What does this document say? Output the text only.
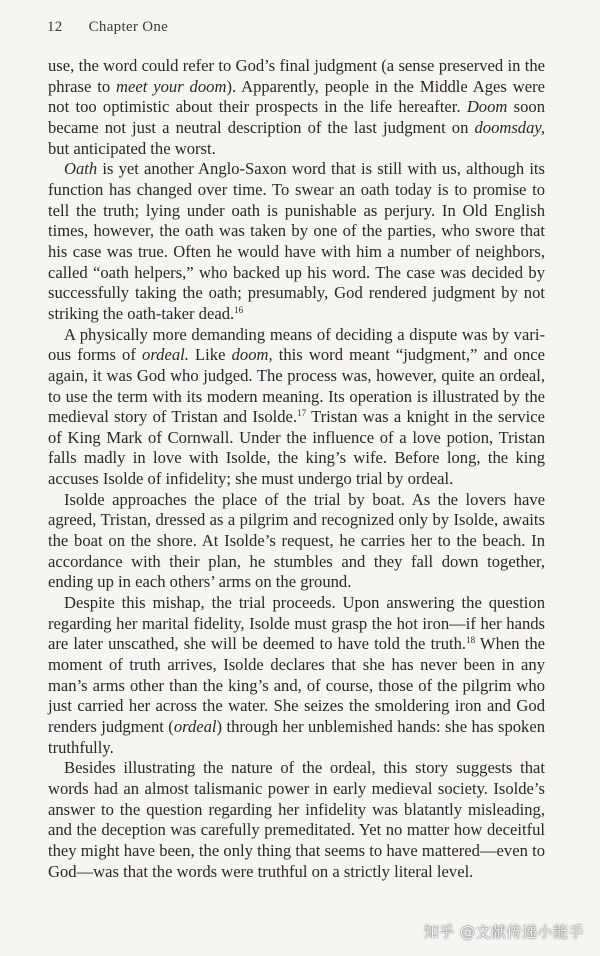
12 Chapter One

use, the word could refer to God’s final judgment (a sense preserved in the phrase to meet your doom). Apparently, people in the Middle Ages were not too optimistic about their prospects in the life hereafter. Doom soon became not just a neutral description of the last judgment on doomsday, but anticipated the worst.

Oath is yet another Anglo-Saxon word that is still with us, although its function has changed over time. To swear an oath today is to promise to tell the truth; lying under oath is punishable as perjury. In Old English times, however, the oath was taken by one of the parties, who swore that his case was true. Often he would have with him a number of neighbors, called “oath helpers,” who backed up his word. The case was decided by successfully taking the oath; presumably, God rendered judgment by not striking the oath-taker dead.$^{16}$

A physically more demanding means of deciding a dispute was by various forms of ordeal. Like doom, this word meant “judgment,” and once again, it was God who judged. The process was, however, quite an ordeal, to use the term with its modern meaning. Its operation is illustrated by the medieval story of Tristan and Isolde.$^{17}$ Tristan was a knight in the service of King Mark of Cornwall. Under the influence of a love potion, Tristan falls madly in love with Isolde, the king’s wife. Before long, the king accuses Isolde of infidelity; she must undergo trial by ordeal.

Isolde approaches the place of the trial by boat. As the lovers have agreed, Tristan, dressed as a pilgrim and recognized only by Isolde, awaits the boat on the shore. At Isolde’s request, he carries her to the beach. In accordance with their plan, he stumbles and they fall down together, ending up in each others’ arms on the ground.

Despite this mishap, the trial proceeds. Upon answering the question regarding her marital fidelity, Isolde must grasp the hot iron—if her hands are later unscathed, she will be deemed to have told the truth.$^{18}$ When the moment of truth arrives, Isolde declares that she has never been in any man’s arms other than the king’s and, of course, those of the pilgrim who just carried her across the water. She seizes the smoldering iron and God renders judgment (ordeal) through her unblemished hands: she has spoken truthfully.

Besides illustrating the nature of the ordeal, this story suggests that words had an almost talismanic power in early medieval society. Isolde’s answer to the question regarding her infidelity was blatantly misleading, and the deception was carefully premeditated. Yet no matter how deceitful they might have been, the only thing that seems to have mattered—even to God—was that the words were truthful on a strictly literal level.

知乎 @文献传递小能手
